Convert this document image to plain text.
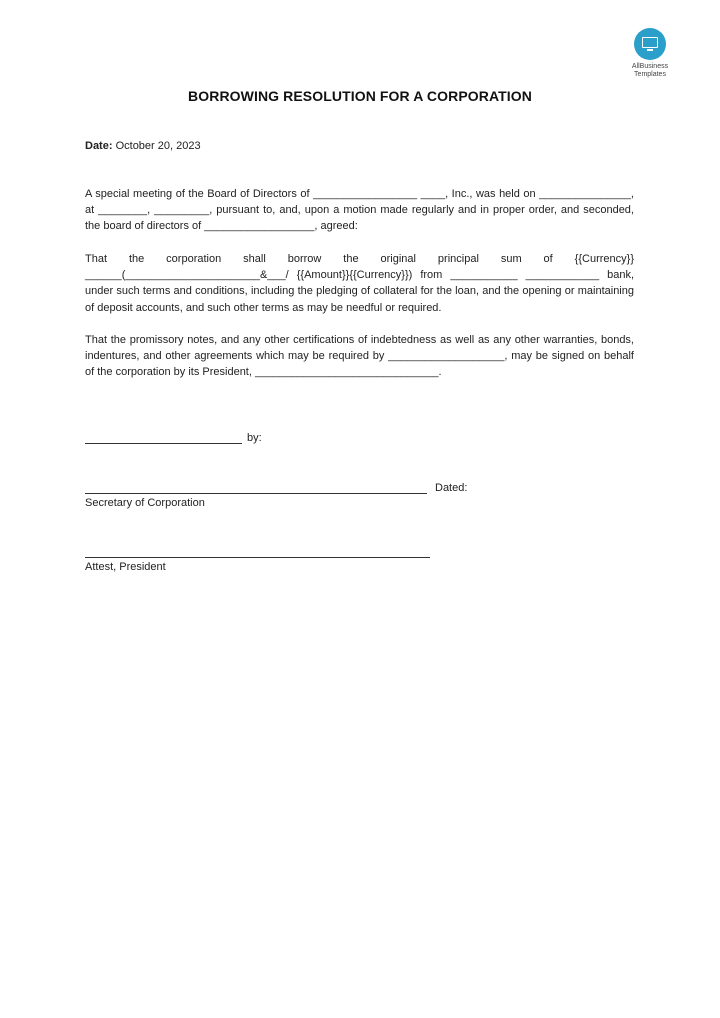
AllBusiness
Templates
BORROWING RESOLUTION FOR A CORPORATION
Date: October 20, 2023
A special meeting of the Board of Directors of _________________ ____, Inc., was held on _______________, at ________, _________, pursuant to, and, upon a motion made regularly and in proper order, and seconded, the board of directors of __________________, agreed:
That the corporation shall borrow the original principal sum of {{Currency}} ______(______________________&___/ {{Amount}}{{Currency}}) from ___________ ____________ bank, under such terms and conditions, including the pledging of collateral for the loan, and the opening or maintaining of deposit accounts, and such other terms as may be needful or required.
That the promissory notes, and any other certifications of indebtedness as well as any other warranties, bonds, indentures, and other agreements which may be required by ___________________, may be signed on behalf of the corporation by its President, ______________________________.
by:
Dated:
Secretary of Corporation
Attest, President
